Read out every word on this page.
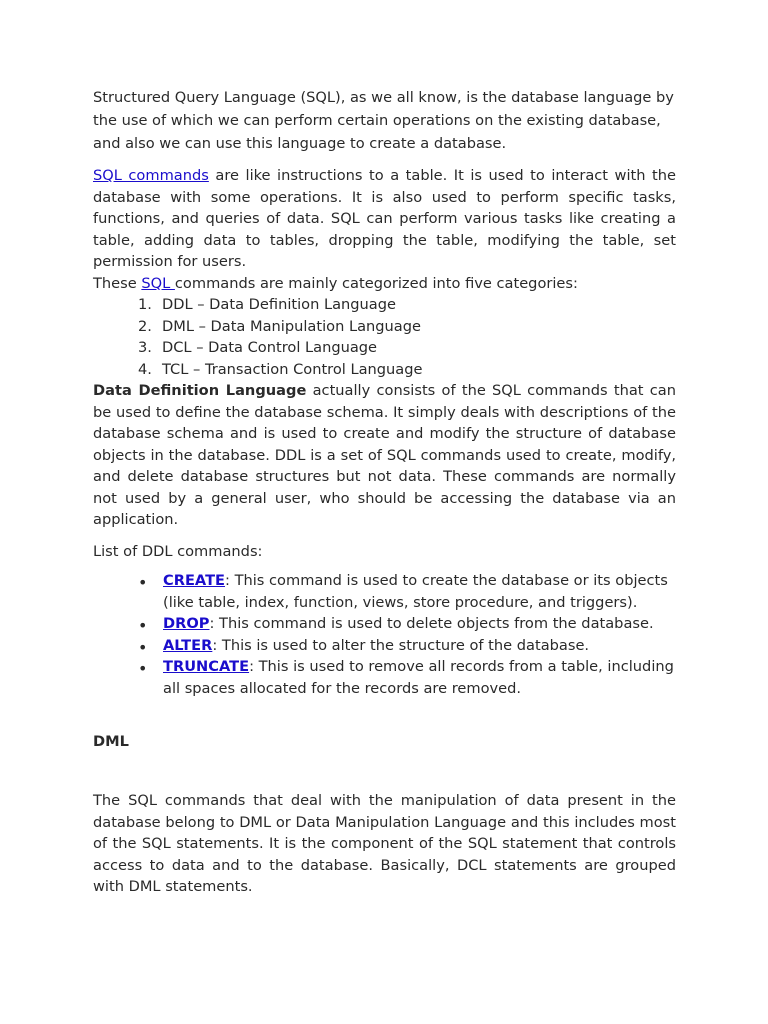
Structured Query Language (SQL), as we all know, is the database language by the use of which we can perform certain operations on the existing database, and also we can use this language to create a database.

SQL commands are like instructions to a table. It is used to interact with the database with some operations. It is also used to perform specific tasks, functions, and queries of data. SQL can perform various tasks like creating a table, adding data to tables, dropping the table, modifying the table, set permission for users.

These SQL commands are mainly categorized into five categories:

1. DDL – Data Definition Language
2. DML – Data Manipulation Language
3. DCL – Data Control Language
4. TCL – Transaction Control Language

Data Definition Language actually consists of the SQL commands that can be used to define the database schema. It simply deals with descriptions of the database schema and is used to create and modify the structure of database objects in the database. DDL is a set of SQL commands used to create, modify, and delete database structures but not data. These commands are normally not used by a general user, who should be accessing the database via an application.

List of DDL commands:

• CREATE: This command is used to create the database or its objects (like table, index, function, views, store procedure, and triggers).
• DROP: This command is used to delete objects from the database.
• ALTER: This is used to alter the structure of the database.
• TRUNCATE: This is used to remove all records from a table, including all spaces allocated for the records are removed.

DML

The SQL commands that deal with the manipulation of data present in the database belong to DML or Data Manipulation Language and this includes most of the SQL statements. It is the component of the SQL statement that controls access to data and to the database. Basically, DCL statements are grouped with DML statements.
